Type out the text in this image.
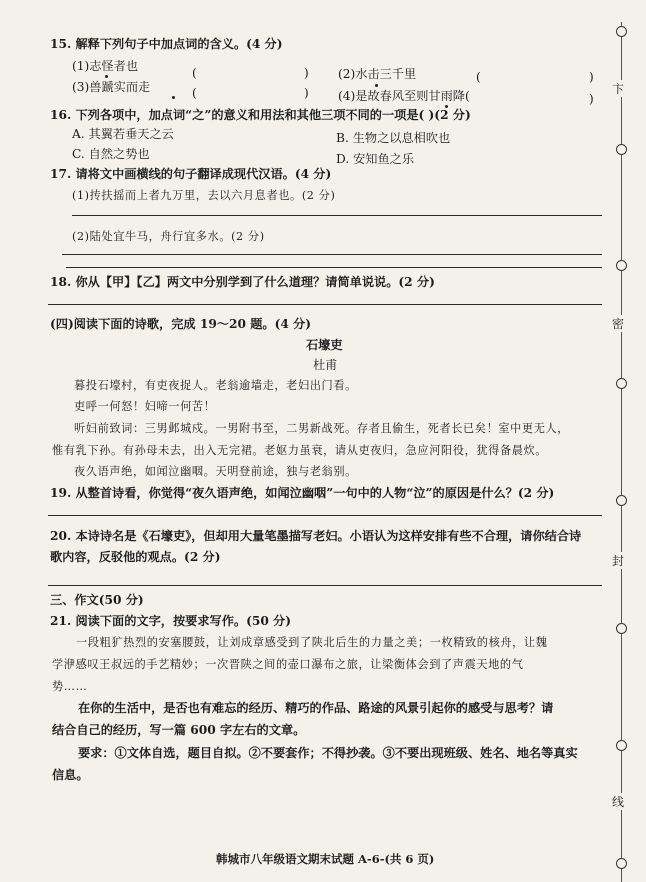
15. 解释下列句子中加点词的含义。(4 分)
(1)志怪者也	(	) (2)水击三千里	(	)
(3)兽蹏实而走	(	) (4)是故春风至则甘雨降(	)
16. 下列各项中，加点词“之”的意义和用法和其他三项不同的一项是( )(2 分)
A. 其翼若垂天之云	B. 生物之以息相吹也
C. 自然之势也	D. 安知鱼之乐
17. 请将文中画横线的句子翻译成现代汉语。(4 分)
(1)抟扶摇而上者九万里，去以六月息者也。(2 分)
(2)陆处宜牛马，舟行宜多水。(2 分)
18. 你从【甲】【乙】两文中分别学到了什么道理？请简单说说。(2 分)
(四)阅读下面的诗歌，完成 19～20 题。(4 分)
石壕吏
杜甫
暮投石壕村，有吏夜捉人。老翁逾墙走，老妇出门看。
吏呼一何怒！妇啼一何苦！
听妇前致词：三男邺城戍。一男附书至，二男新战死。存者且偷生，死者长已矣！室中更无人，
惟有乳下孙。有孙母未去，出入无完裙。老妪力虽衰，请从吏夜归，急应河阳役，犹得备晨炊。
夜久语声绝，如闻泣幽咽。天明登前途，独与老翁别。
19. 从整首诗看，你觉得“夜久语声绝，如闻泣幽咽”一句中的人物“泣”的原因是什么？(2 分)
20. 本诗诗名是《石壕吏》，但却用大量笔墨描写老妇。小语认为这样安排有些不合理，请你结合诗
歌内容，反驳他的观点。(2 分)
三、作文(50 分)
21. 阅读下面的文字，按要求写作。(50 分)
一段粗犷热烈的安塞腰鼓，让刘成章感受到了陕北后生的力量之美；一枚精致的核舟，让魏
学洢感叹王叔远的手艺精妙；一次晋陕之间的壶口瀑布之旅，让梁衡体会到了声震天地的气
势……
在你的生活中，是否也有难忘的经历、精巧的作品、路途的风景引起你的感受与思考？请
结合自己的经历，写一篇 600 字左右的文章。
要求：①文体自选，题目自拟。②不要套作；不得抄袭。③不要出现班级、姓名、地名等真实
信息。
韩城市八年级语文期末试题 A-6-(共 6 页)
卞
密
封
线
